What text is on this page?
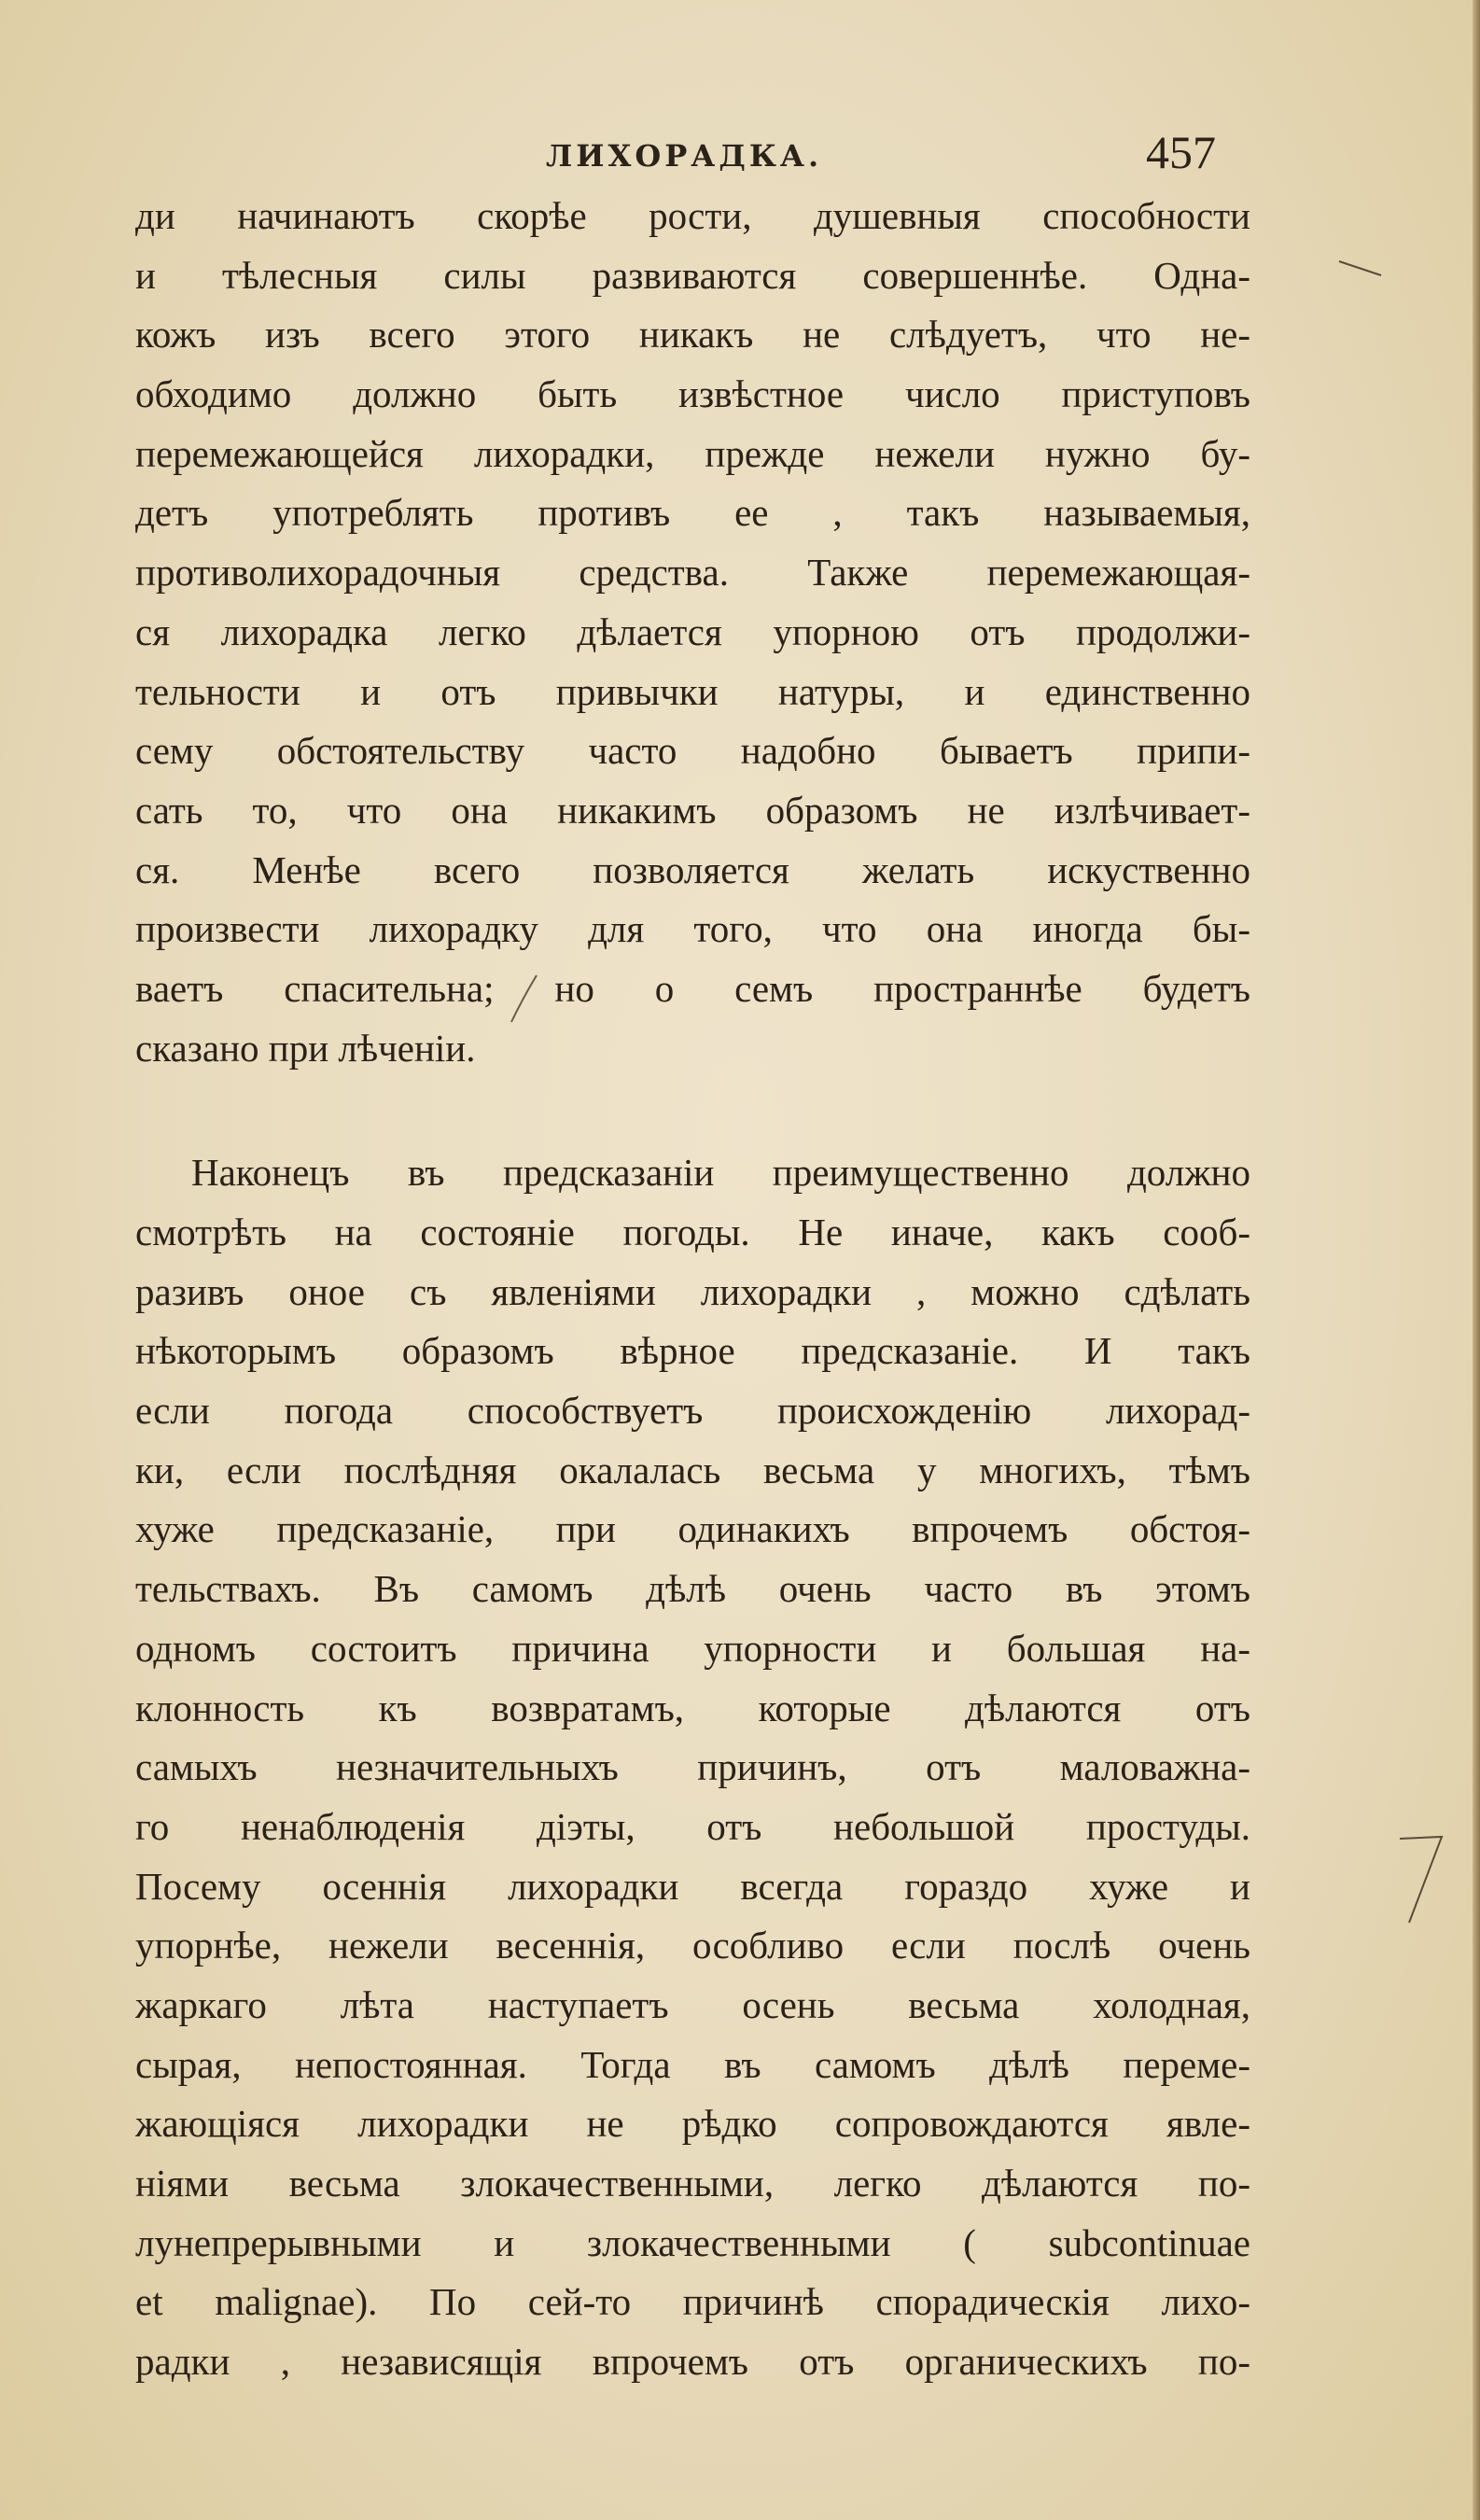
ЛИХОРАДКА.	457
ди начинаютъ скорѣе рости, душевныя способности
и тѣлесныя силы развиваются совершеннѣе. Одна-
кожъ изъ всего этого никакъ не слѣдуетъ, что не-
обходимо должно быть извѣстное число приступовъ
перемежающейся лихорадки, прежде нежели нужно бу-
детъ употреблять противъ ее , такъ называемыя,
противолихорадочныя средства. Также перемежающая-
ся лихорадка легко дѣлается упорною отъ продолжи-
тельности и отъ привычки натуры, и единственно
сему обстоятельству часто надобно бываетъ припи-
сать то, что она никакимъ образомъ не излѣчивает-
ся. Менѣе всего позволяется желать искуственно
произвести лихорадку для того, что она иногда бы-
ваетъ спасительна; но о семъ пространнѣе будетъ
сказано при лѣченіи.
Наконецъ въ предсказаніи преимущественно должно
смотрѣть на состояніе погоды. Не иначе, какъ сооб-
разивъ оное съ явленіями лихорадки , можно сдѣлать
нѣкоторымъ образомъ вѣрное предсказаніе. И такъ
если погода способствуетъ происхожденію лихорад-
ки, если послѣдняя окалалась весьма у многихъ, тѣмъ
хуже предсказаніе, при одинакихъ впрочемъ обстоя-
тельствахъ. Въ самомъ дѣлѣ очень часто въ этомъ
одномъ состоитъ причина упорности и большая на-
клонность къ возвратамъ, которые дѣлаются отъ
самыхъ незначительныхъ причинъ, отъ маловажна-
го ненаблюденія діэты, отъ небольшой простуды.
Посему осеннія лихорадки всегда гораздо хуже и
упорнѣе, нежели весеннія, особливо если послѣ очень
жаркаго лѣта наступаетъ осень весьма холодная,
сырая, непостоянная. Тогда въ самомъ дѣлѣ переме-
жающіяся лихорадки не рѣдко сопровождаются явле-
ніями весьма злокачественными, легко дѣлаются по-
лунепрерывными и злокачественными ( subcontinuae
et malignae). По сей-то причинѣ спорадическія лихо-
радки , независящія впрочемъ отъ органическихъ по-
